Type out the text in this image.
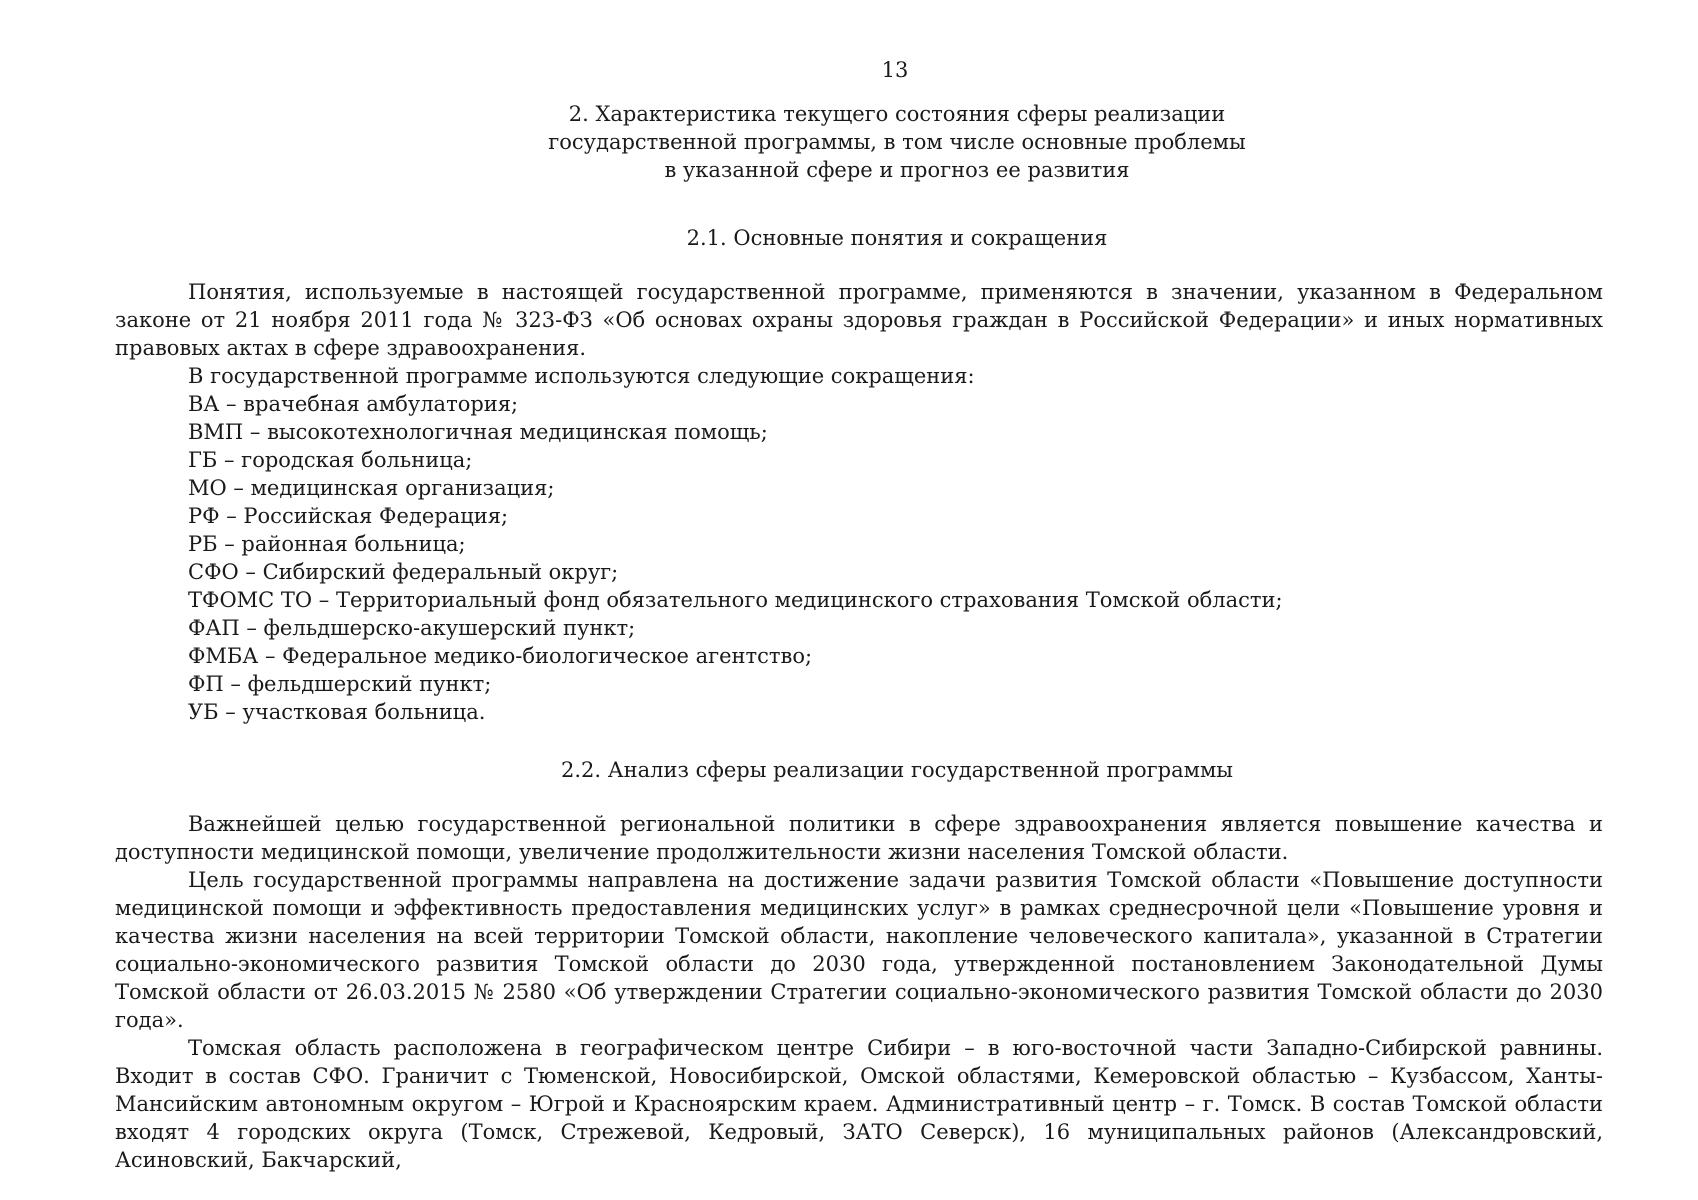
13
2. Характеристика текущего состояния сферы реализации
государственной программы, в том числе основные проблемы
в указанной сфере и прогноз ее развития
2.1. Основные понятия и сокращения

Понятия, используемые в настоящей государственной программе, применяются в значении, указанном в Федеральном законе от 21 ноября 2011 года № 323-ФЗ «Об основах охраны здоровья граждан в Российской Федерации» и иных нормативных правовых актах в сфере здравоохранения.

В государственной программе используются следующие сокращения:
ВА – врачебная амбулатория;
ВМП – высокотехнологичная медицинская помощь;
ГБ – городская больница;
МО – медицинская организация;
РФ – Российская Федерация;
РБ – районная больница;
СФО – Сибирский федеральный округ;
ТФОМС ТО – Территориальный фонд обязательного медицинского страхования Томской области;
ФАП – фельдшерско-акушерский пункт;
ФМБА – Федеральное медико-биологическое агентство;
ФП – фельдшерский пункт;
УБ – участковая больница.
2.2. Анализ сферы реализации государственной программы

Важнейшей целью государственной региональной политики в сфере здравоохранения является повышение качества и доступности медицинской помощи, увеличение продолжительности жизни населения Томской области.

Цель государственной программы направлена на достижение задачи развития Томской области «Повышение доступности медицинской помощи и эффективность предоставления медицинских услуг» в рамках среднесрочной цели «Повышение уровня и качества жизни населения на всей территории Томской области, накопление человеческого капитала», указанной в Стратегии социально-экономического развития Томской области до 2030 года, утвержденной постановлением Законодательной Думы Томской области от 26.03.2015 № 2580 «Об утверждении Стратегии социально-экономического развития Томской области до 2030 года».

Томская область расположена в географическом центре Сибири – в юго-восточной части Западно-Сибирской равнины. Входит в состав СФО. Граничит с Тюменской, Новосибирской, Омской областями, Кемеровской областью – Кузбассом, Ханты-Мансийским автономным округом – Югрой и Красноярским краем. Административный центр – г. Томск. В состав Томской области входят 4 городских округа (Томск, Стрежевой, Кедровый, ЗАТО Северск), 16 муниципальных районов (Александровский, Асиновский, Бакчарский,
